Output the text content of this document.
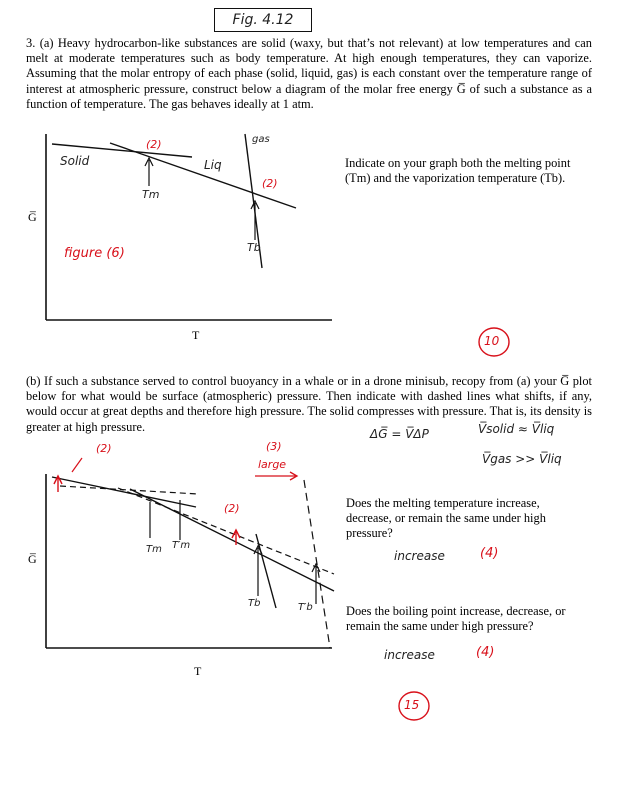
Fig. 4.12
3. (a) Heavy hydrocarbon-like substances are solid (waxy, but that’s not relevant) at low temperatures and can melt at moderate temperatures such as body temperature. At high enough temperatures, they can vaporize. Assuming that the molar entropy of each phase (solid, liquid, gas) is each constant over the temperature range of interest at atmospheric pressure, construct below a diagram of the molar free energy G̅ of such a substance as a function of temperature. The gas behaves ideally at 1 atm.
G̅
T
Solid	Liq
gas
Tm
Tb
(2)
(2)
figure (6)
Indicate on your graph both the melting point (Tm) and the vaporization temperature (Tb).
10
(b) If such a substance served to control buoyancy in a whale or in a drone minisub, recopy from (a) your G̅ plot below for what would be surface (atmospheric) pressure. Then indicate with dashed lines what shifts, if any, would occur at great depths and therefore high pressure. The solid compresses with pressure. That is, its density is greater at high pressure.
ΔG̅ = V̅ΔP	V̅solid ≈ V̅liq
V̅gas >> V̅liq
G̅
T
(2)	(3)
large
(2)
Tm T′m
Tb	T′b
Does the melting temperature increase, decrease, or remain the same under high pressure?
increase	(4)
Does the boiling point increase, decrease, or remain the same under high pressure?
increase	(4)
15
